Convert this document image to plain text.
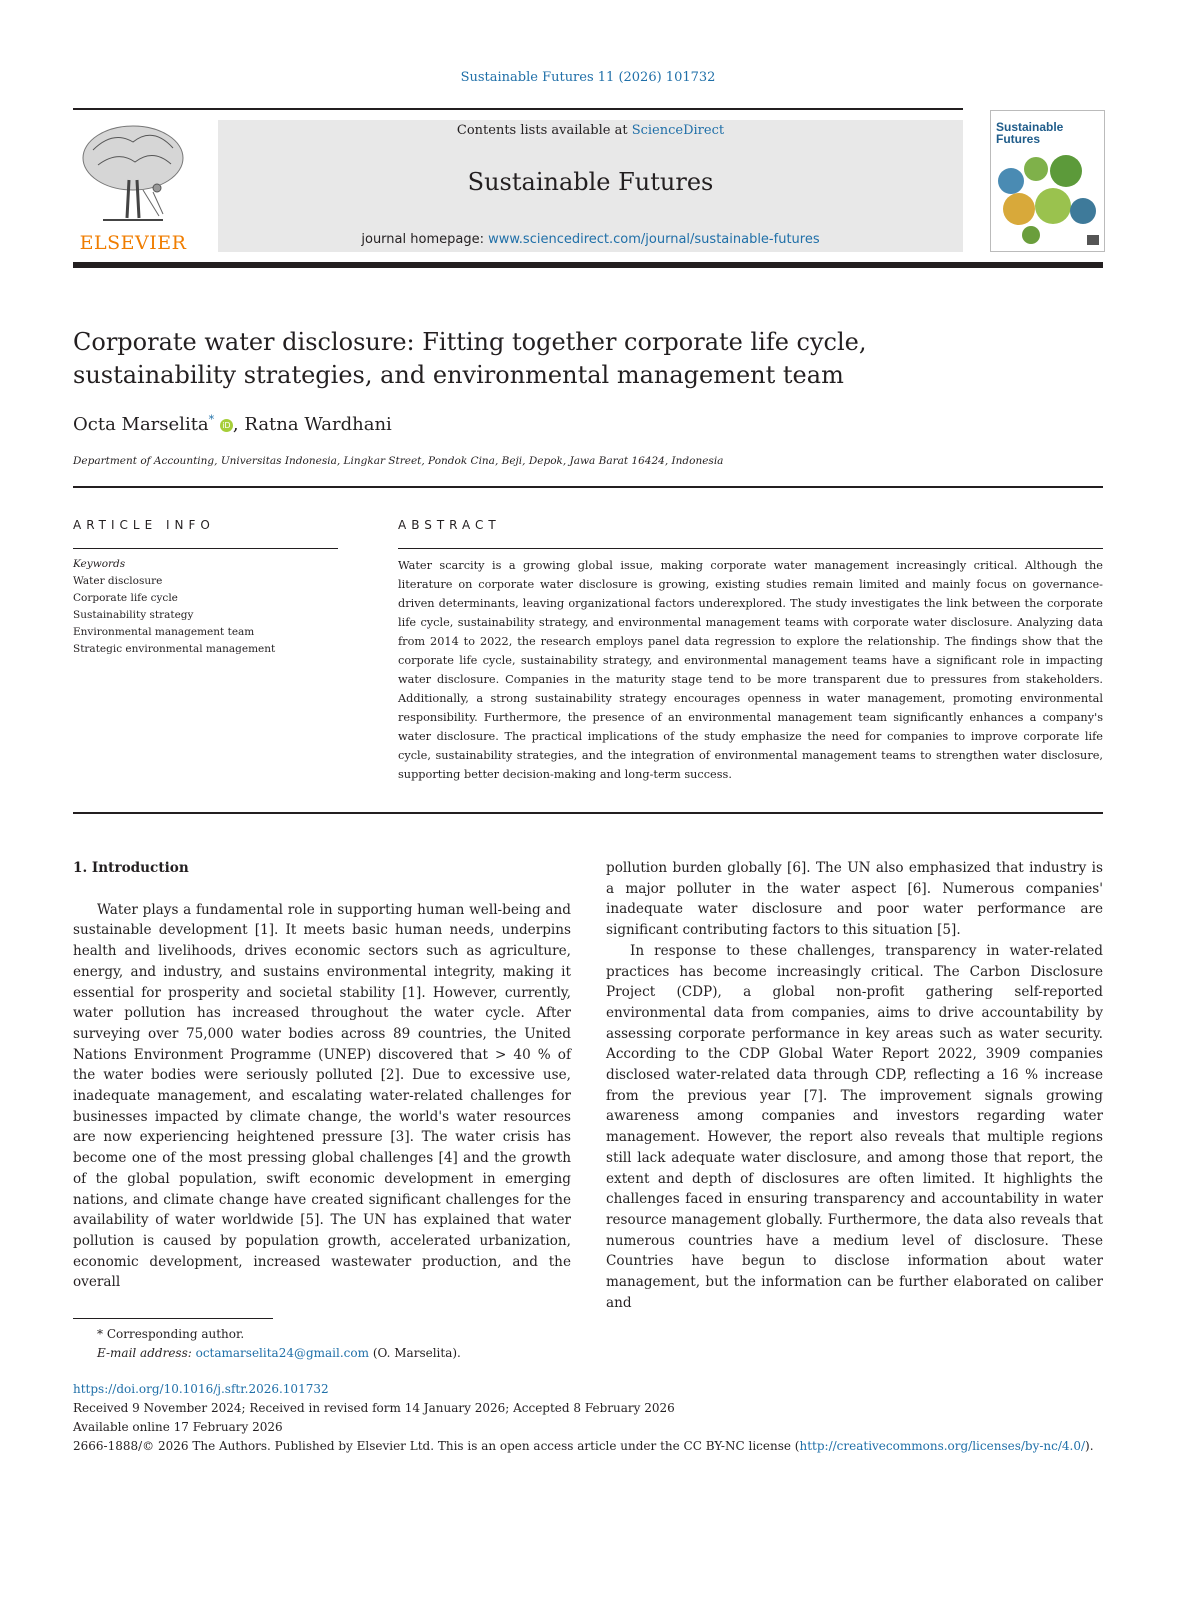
Sustainable Futures 11 (2026) 101732
ELSEVIER
Contents lists available at ScienceDirect
Sustainable Futures
journal homepage: www.sciencedirect.com/journal/sustainable-futures
Sustainable
Futures
Corporate water disclosure: Fitting together corporate life cycle,
sustainability strategies, and environmental management team
Octa Marselita* iD , Ratna Wardhani
Department of Accounting, Universitas Indonesia, Lingkar Street, Pondok Cina, Beji, Depok, Jawa Barat 16424, Indonesia
ARTICLE INFO
Keywords
Water disclosure
Corporate life cycle
Sustainability strategy
Environmental management team
Strategic environmental management
ABSTRACT
Water scarcity is a growing global issue, making corporate water management increasingly critical. Although the literature on corporate water disclosure is growing, existing studies remain limited and mainly focus on governance-driven determinants, leaving organizational factors underexplored. The study investigates the link between the corporate life cycle, sustainability strategy, and environmental management teams with corporate water disclosure. Analyzing data from 2014 to 2022, the research employs panel data regression to explore the relationship. The findings show that the corporate life cycle, sustainability strategy, and environmental management teams have a significant role in impacting water disclosure. Companies in the maturity stage tend to be more transparent due to pressures from stakeholders. Additionally, a strong sustainability strategy encourages openness in water management, promoting environmental responsibility. Furthermore, the presence of an environmental management team significantly enhances a company's water disclosure. The practical implications of the study emphasize the need for companies to improve corporate life cycle, sustainability strategies, and the integration of environmental management teams to strengthen water disclosure, supporting better decision-making and long-term success.
1. Introduction

Water plays a fundamental role in supporting human well-being and sustainable development [1]. It meets basic human needs, underpins health and livelihoods, drives economic sectors such as agriculture, energy, and industry, and sustains environmental integrity, making it essential for prosperity and societal stability [1]. However, currently, water pollution has increased throughout the water cycle. After surveying over 75,000 water bodies across 89 countries, the United Nations Environment Programme (UNEP) discovered that > 40 % of the water bodies were seriously polluted [2]. Due to excessive use, inadequate management, and escalating water-related challenges for businesses impacted by climate change, the world's water resources are now experiencing heightened pressure [3]. The water crisis has become one of the most pressing global challenges [4] and the growth of the global population, swift economic development in emerging nations, and climate change have created significant challenges for the availability of water worldwide [5]. The UN has explained that water pollution is caused by population growth, accelerated urbanization, economic development, increased wastewater production, and the overall

pollution burden globally [6]. The UN also emphasized that industry is a major polluter in the water aspect [6]. Numerous companies' inadequate water disclosure and poor water performance are significant contributing factors to this situation [5].

In response to these challenges, transparency in water-related practices has become increasingly critical. The Carbon Disclosure Project (CDP), a global non-profit gathering self-reported environmental data from companies, aims to drive accountability by assessing corporate performance in key areas such as water security. According to the CDP Global Water Report 2022, 3909 companies disclosed water-related data through CDP, reflecting a 16 % increase from the previous year [7]. The improvement signals growing awareness among companies and investors regarding water management. However, the report also reveals that multiple regions still lack adequate water disclosure, and among those that report, the extent and depth of disclosures are often limited. It highlights the challenges faced in ensuring transparency and accountability in water resource management globally. Furthermore, the data also reveals that numerous countries have a medium level of disclosure. These Countries have begun to disclose information about water management, but the information can be further elaborated on caliber and

* Corresponding author.
E-mail address: octamarselita24@gmail.com (O. Marselita).
https://doi.org/10.1016/j.sftr.2026.101732
Received 9 November 2024; Received in revised form 14 January 2026; Accepted 8 February 2026
Available online 17 February 2026
2666-1888/© 2026 The Authors. Published by Elsevier Ltd. This is an open access article under the CC BY-NC license (http://creativecommons.org/licenses/by-nc/4.0/).
